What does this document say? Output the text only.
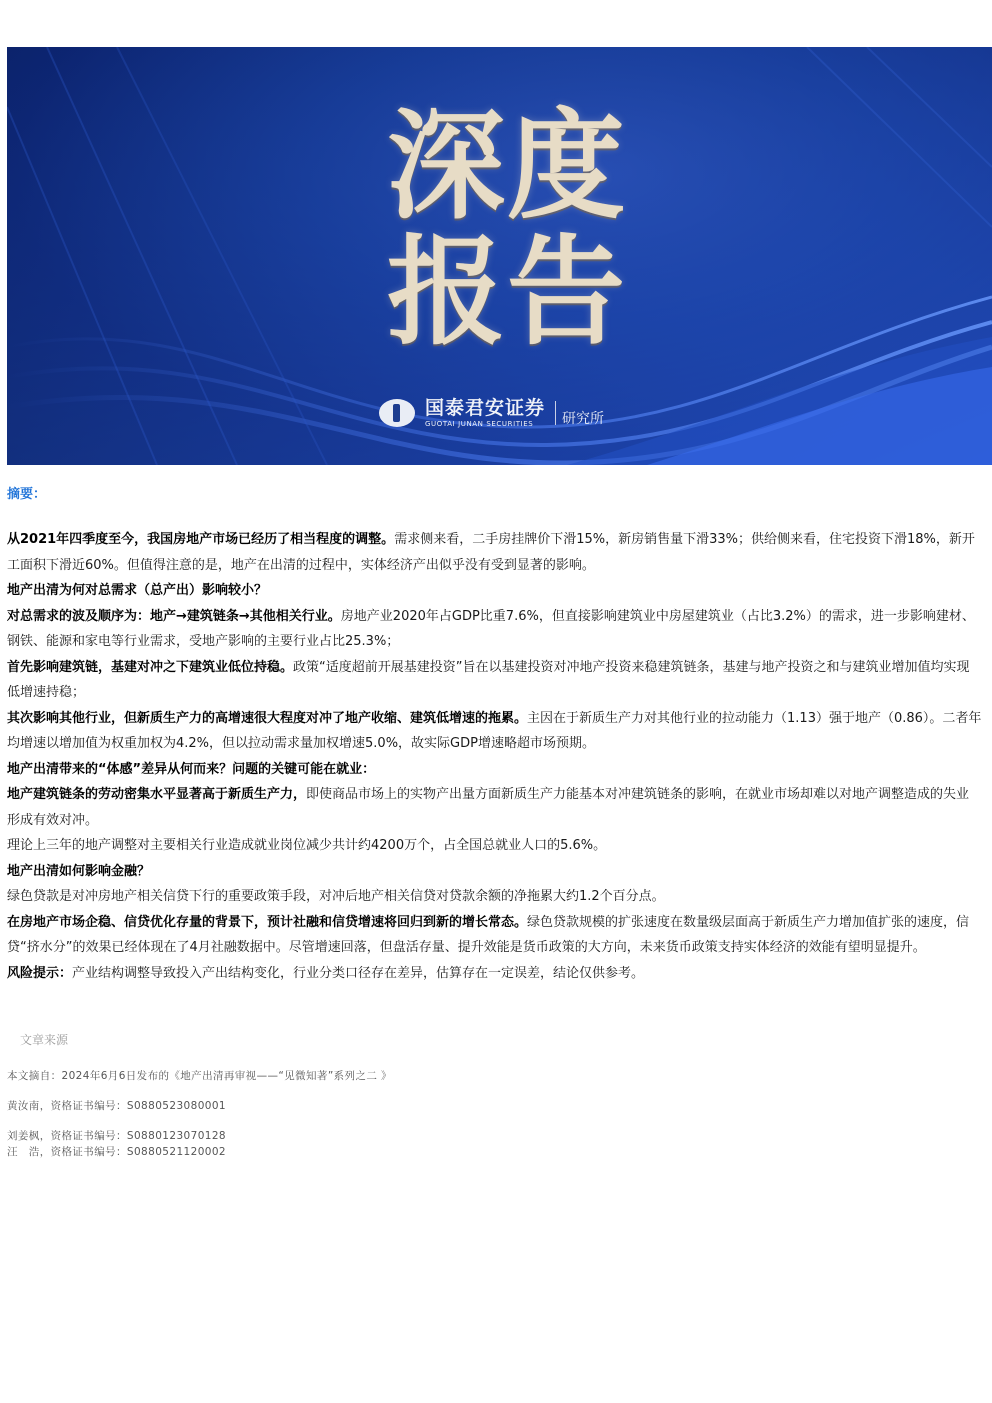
深度
报告
国泰君安证券
GUOTAI JUNAN SECURITIES	研究所
摘要：

从2021年四季度至今，我国房地产市场已经历了相当程度的调整。需求侧来看，二手房挂牌价下滑15%，新房销售量下滑33%；供给侧来看，住宅投资下滑18%，新开工面积下滑近60%。但值得注意的是，地产在出清的过程中，实体经济产出似乎没有受到显著的影响。

地产出清为何对总需求（总产出）影响较小？

对总需求的波及顺序为：地产→建筑链条→其他相关行业。房地产业2020年占GDP比重7.6%，但直接影响建筑业中房屋建筑业（占比3.2%）的需求，进一步影响建材、钢铁、能源和家电等行业需求，受地产影响的主要行业占比25.3%；

首先影响建筑链，基建对冲之下建筑业低位持稳。政策“适度超前开展基建投资”旨在以基建投资对冲地产投资来稳建筑链条，基建与地产投资之和与建筑业增加值均实现低增速持稳；

其次影响其他行业，但新质生产力的高增速很大程度对冲了地产收缩、建筑低增速的拖累。主因在于新质生产力对其他行业的拉动能力（1.13）强于地产（0.86）。二者年均增速以增加值为权重加权为4.2%，但以拉动需求量加权增速5.0%，故实际GDP增速略超市场预期。

地产出清带来的“体感”差异从何而来？问题的关键可能在就业：

地产建筑链条的劳动密集水平显著高于新质生产力，即使商品市场上的实物产出量方面新质生产力能基本对冲建筑链条的影响，在就业市场却难以对地产调整造成的失业形成有效对冲。

理论上三年的地产调整对主要相关行业造成就业岗位减少共计约4200万个，占全国总就业人口的5.6%。

地产出清如何影响金融？

绿色贷款是对冲房地产相关信贷下行的重要政策手段，对冲后地产相关信贷对贷款余额的净拖累大约1.2个百分点。

在房地产市场企稳、信贷优化存量的背景下，预计社融和信贷增速将回归到新的增长常态。绿色贷款规模的扩张速度在数量级层面高于新质生产力增加值扩张的速度，信贷“挤水分”的效果已经体现在了4月社融数据中。尽管增速回落，但盘活存量、提升效能是货币政策的大方向，未来货币政策支持实体经济的效能有望明显提升。

风险提示：产业结构调整导致投入产出结构变化，行业分类口径存在差异，估算存在一定误差，结论仅供参考。

文章来源
本文摘自：2024年6月6日发布的《地产出清再审视——“见微知著”系列之二 》
黄汝南，资格证书编号：S0880523080001
刘姜枫，资格证书编号：S0880123070128
汪　浩，资格证书编号：S0880521120002
